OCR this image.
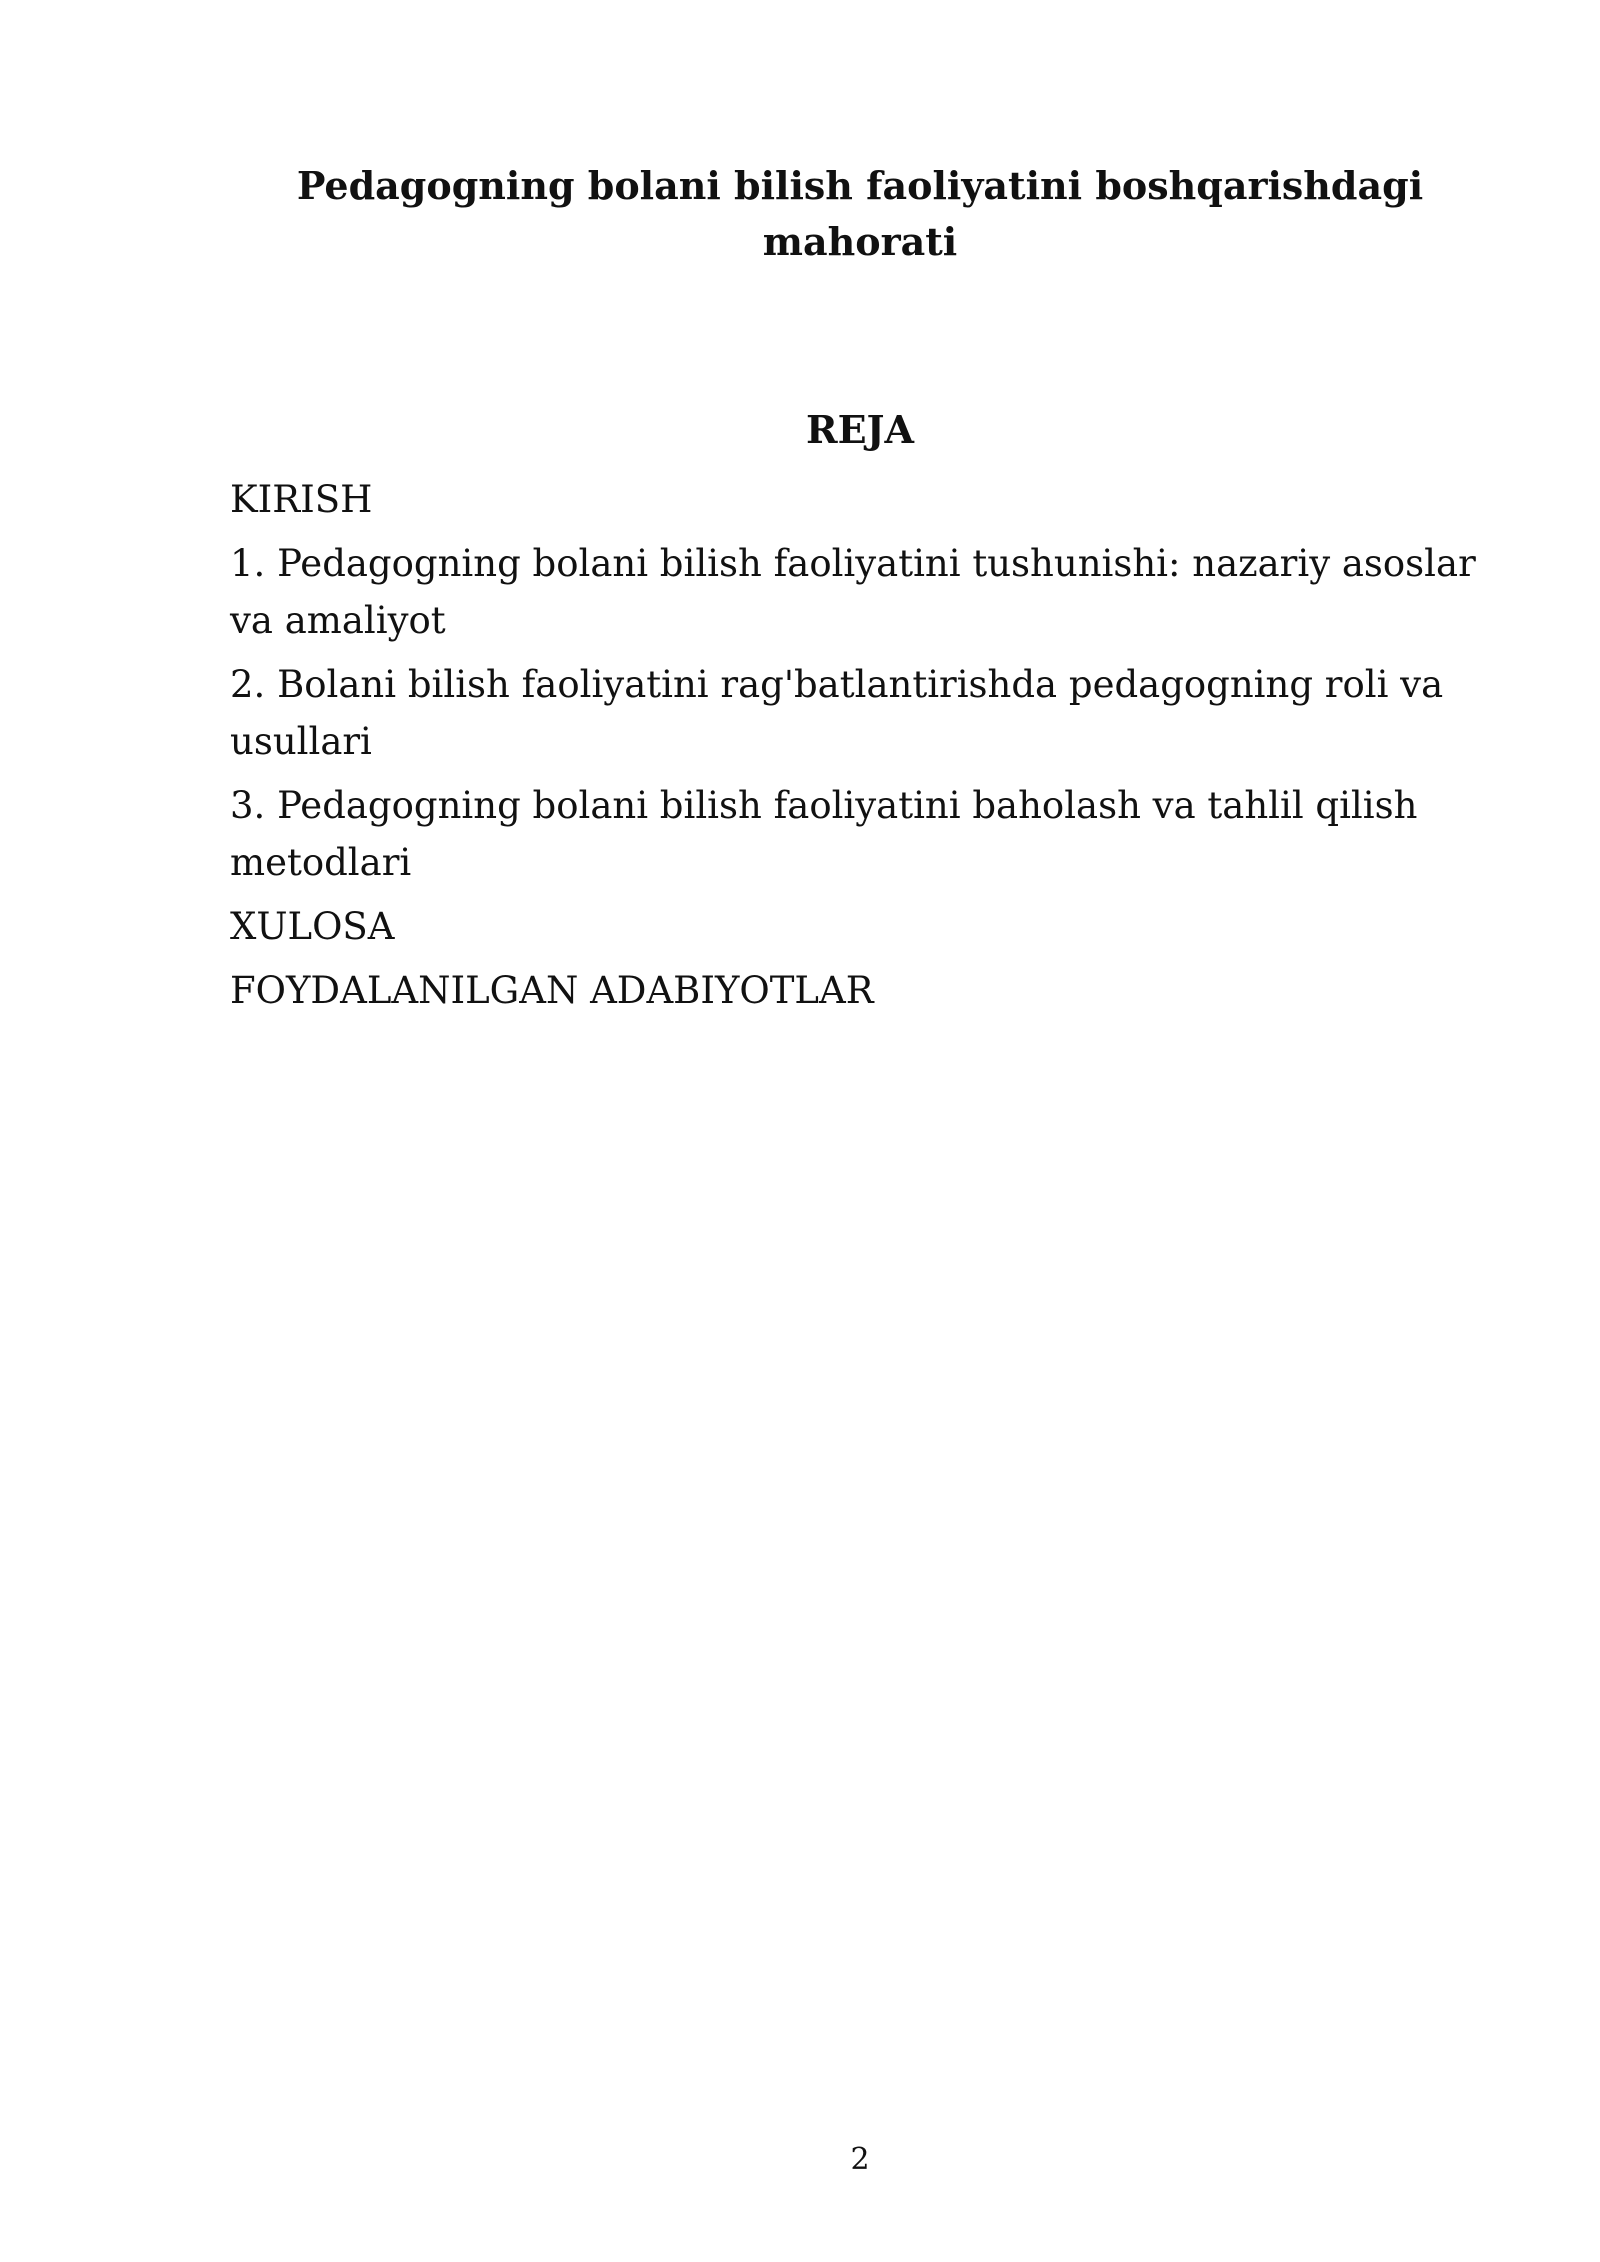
Pedagogning bolani bilish faoliyatini boshqarishdagi mahorati
REJA
KIRISH
1. Pedagogning bolani bilish faoliyatini tushunishi: nazariy asoslar va amaliyot
2. Bolani bilish faoliyatini rag'batlantirishda pedagogning roli va usullari
3. Pedagogning bolani bilish faoliyatini baholash va tahlil qilish metodlari
XULOSA
FOYDALANILGAN ADABIYOTLAR
2
